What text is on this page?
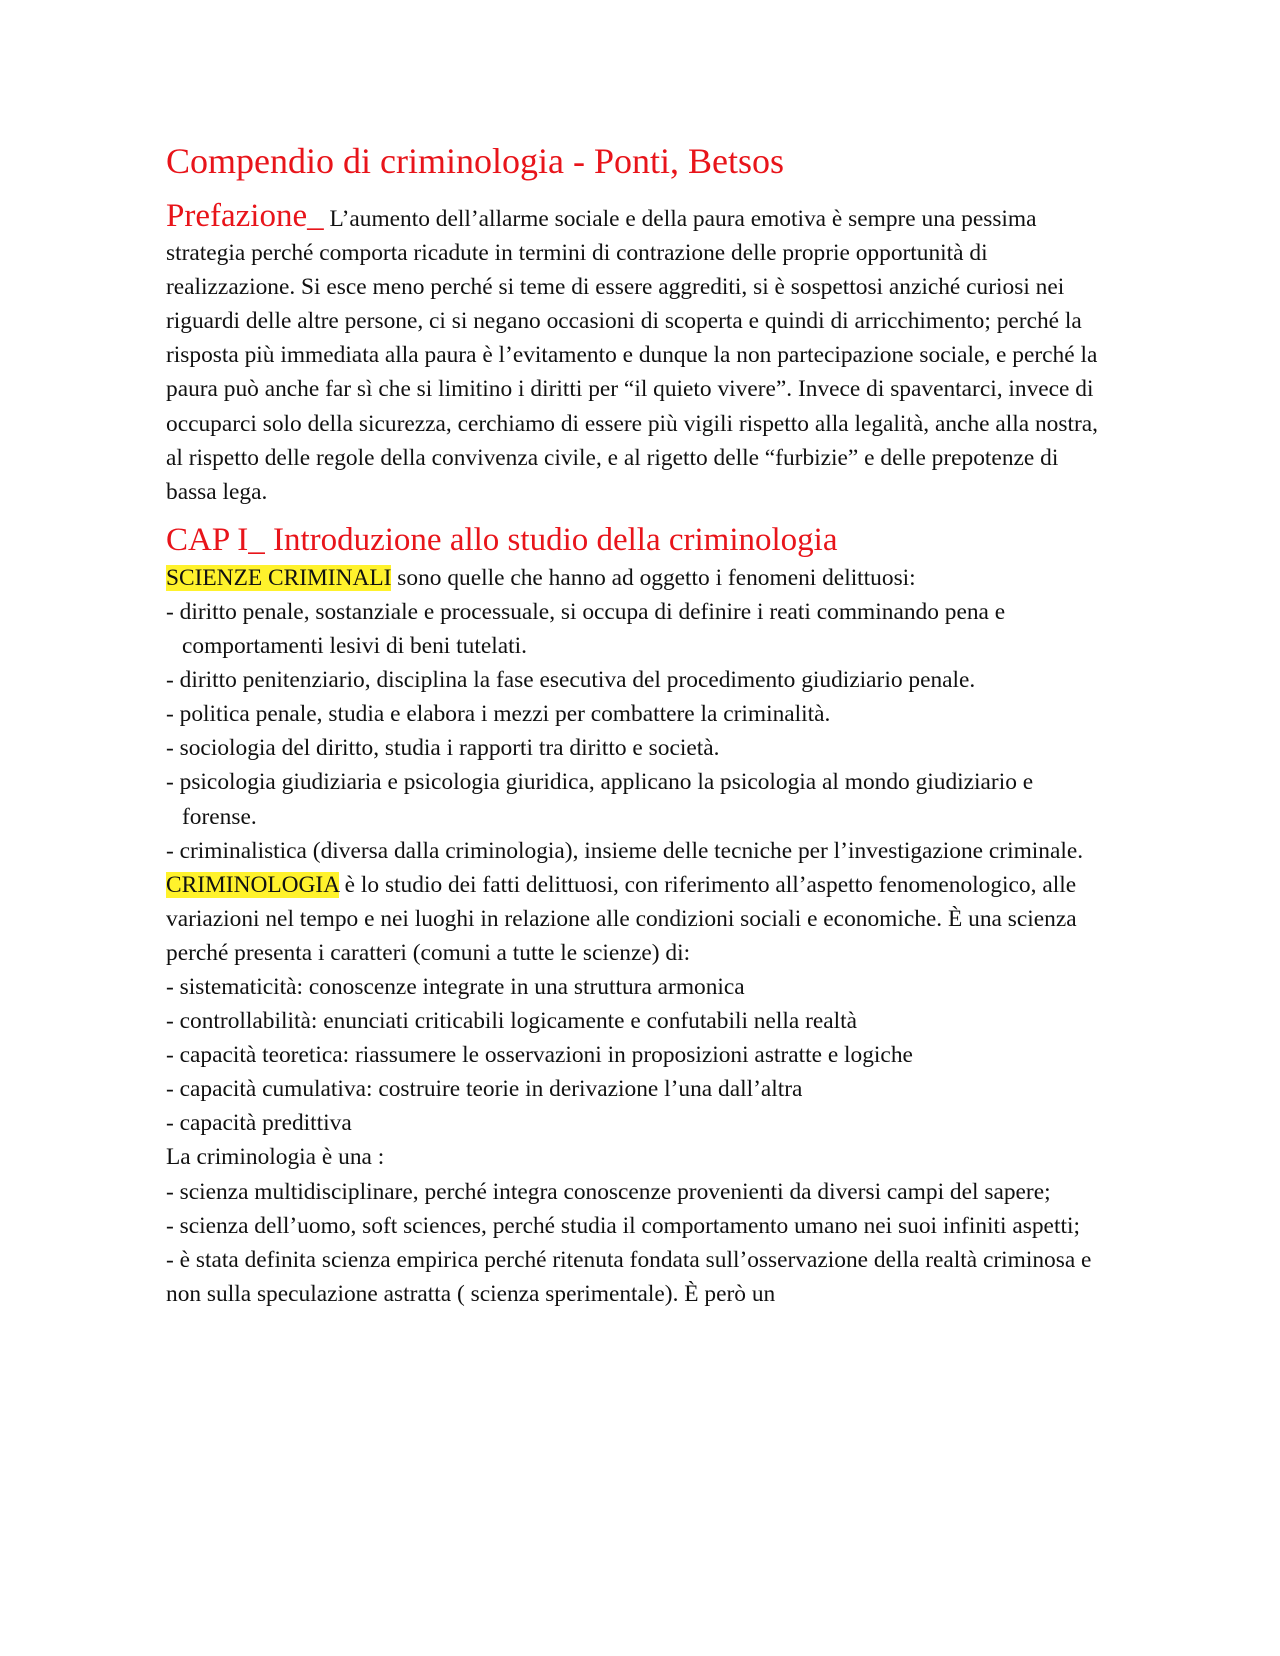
Compendio di criminologia - Ponti, Betsos

Prefazione_ L’aumento dell’allarme sociale e della paura emotiva è sempre una pessima strategia perché comporta ricadute in termini di contrazione delle proprie opportunità di realizzazione. Si esce meno perché si teme di essere aggrediti, si è sospettosi anziché curiosi nei riguardi delle altre persone, ci si negano occasioni di scoperta e quindi di arricchimento; perché la risposta più immediata alla paura è l’evitamento e dunque la non partecipazione sociale, e perché la paura può anche far sì che si limitino i diritti per “il quieto vivere”. Invece di spaventarci, invece di occuparci solo della sicurezza, cerchiamo di essere più vigili rispetto alla legalità, anche alla nostra, al rispetto delle regole della convivenza civile, e al rigetto delle “furbizie” e delle prepotenze di bassa lega.

CAP I_ Introduzione allo studio della criminologia

SCIENZE CRIMINALI sono quelle che hanno ad oggetto i fenomeni delittuosi:

- diritto penale, sostanziale e processuale, si occupa di definire i reati comminando pena e comportamenti lesivi di beni tutelati.
- diritto penitenziario, disciplina la fase esecutiva del procedimento giudiziario penale.
- politica penale, studia e elabora i mezzi per combattere la criminalità.
- sociologia del diritto, studia i rapporti tra diritto e società.
- psicologia giudiziaria e psicologia giuridica, applicano la psicologia al mondo giudiziario e forense.
- criminalistica (diversa dalla criminologia), insieme delle tecniche per l’investigazione criminale.

CRIMINOLOGIA è lo studio dei fatti delittuosi, con riferimento all’aspetto fenomenologico, alle variazioni nel tempo e nei luoghi in relazione alle condizioni sociali e economiche. È una scienza perché presenta i caratteri (comuni a tutte le scienze) di:

- sistematicità: conoscenze integrate in una struttura armonica
- controllabilità: enunciati criticabili logicamente e confutabili nella realtà
- capacità teoretica: riassumere le osservazioni in proposizioni astratte e logiche
- capacità cumulativa: costruire teorie in derivazione l’una dall’altra
- capacità predittiva

La criminologia è una :

- scienza multidisciplinare, perché integra conoscenze provenienti da diversi campi del sapere;
- scienza dell’uomo, soft sciences, perché studia il comportamento umano nei suoi infiniti aspetti;
- è stata definita scienza empirica perché ritenuta fondata sull’osservazione della realtà criminosa e non sulla speculazione astratta ( scienza sperimentale). È però un
